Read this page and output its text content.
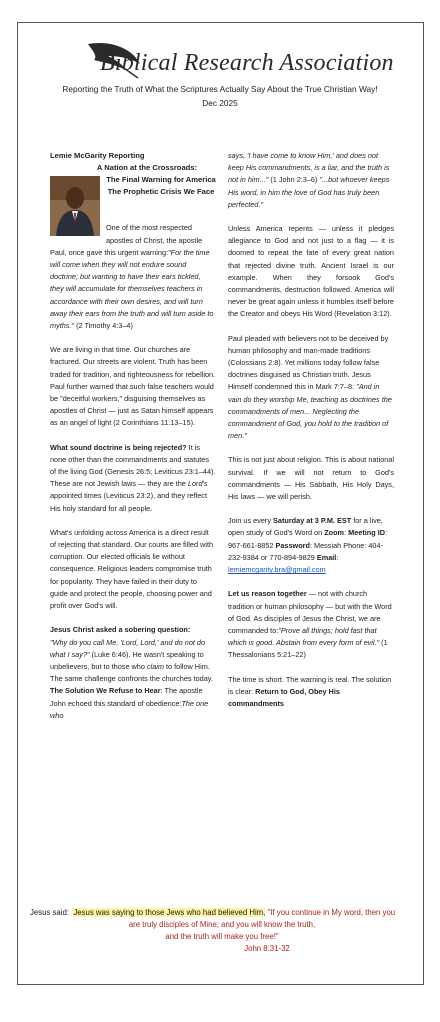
Biblical Research Association
Reporting the Truth of What the Scriptures Actually Say About the True Christian Way!
Dec 2025
Lemie McGarity Reporting
A Nation at the Crossroads:
The Final Warning for America
The Prophetic Crisis We Face

One of the most respected apostles of Christ, the apostle Paul, once gave this urgent warning:"For the time will come when they will not endure sound doctrine; but wanting to have their ears tickled, they will accumulate for themselves teachers in accordance with their own desires, and will turn away their ears from the truth and will turn aside to myths." (2 Timothy 4:3–4)

We are living in that time. Our churches are fractured. Our streets are violent. Truth has been traded for tradition, and righteousness for rebellion. Paul further warned that such false teachers would be "deceitful workers," disguising themselves as apostles of Christ — just as Satan himself appears as an angel of light (2 Corinthians 11:13–15).

What sound doctrine is being rejected? It is none other than the commandments and statutes of the living God (Genesis 26:5; Leviticus 23:1–44). These are not Jewish laws — they are the Lord's appointed times (Leviticus 23:2), and they reflect His holy standard for all people.

What's unfolding across America is a direct result of rejecting that standard. Our courts are filled with corruption. Our elected officials lie without consequence. Religious leaders compromise truth for popularity. They have failed in their duty to guide and protect the people, choosing power and profit over God's will.

Jesus Christ asked a sobering question:
"Why do you call Me, 'Lord, Lord,' and do not do what I say?" (Luke 6:46). He wasn't speaking to unbelievers, but to those who claim to follow Him. The same challenge confronts the churches today. The Solution We Refuse to Hear: The apostle John echoed this standard of obedience:The one who

says, 'I have come to know Him,' and does not keep His commandments, is a liar, and the truth is not in him..." (1 John 2:3–6) "...but whoever keeps His word, in him the love of God has truly been perfected."

Unless America repents — unless it pledges allegiance to God and not just to a flag — it is doomed to repeat the fate of every great nation that rejected divine truth. Ancient Israel is our example. When they forsook God's commandments, destruction followed. America will never be great again unless it humbles itself before the Creator and obeys His Word (Revelation 3:12).

Paul pleaded with believers not to be deceived by human philosophy and man-made traditions (Colossians 2:8). Yet millions today follow false doctrines disguised as Christian truth. Jesus Himself condemned this in Mark 7:7–8: "And in vain do they worship Me, teaching as doctrines the commandments of men... Neglecting the commandment of God, you hold to the tradition of men."

This is not just about religion. This is about national survival. If we will not return to God's commandments — His Sabbath, His Holy Days, His laws — we will perish.

Join us every Saturday at 3 P.M. EST for a live, open study of God's Word on Zoom: Meeting ID: 967-661-8852 Password: Messiah Phone: 404-232-9384 or 770-894-9829 Email:
lemiemcgarity.bra@gmail.com

Let us reason together — not with church tradition or human philosophy — but with the Word of God. As disciples of Jesus the Christ, we are commanded to:"Prove all things; hold fast that which is good. Abstain from every form of evil." (1 Thessalonians 5:21–22)

The time is short. The warning is real. The solution is clear: Return to God, Obey His commandments

Jesus said: Jesus was saying to those Jews who had believed Him, "If you continue in My word, then you
are truly disciples of Mine; and you will know the truth,
and the truth will make you free!"
John 8:31-32
